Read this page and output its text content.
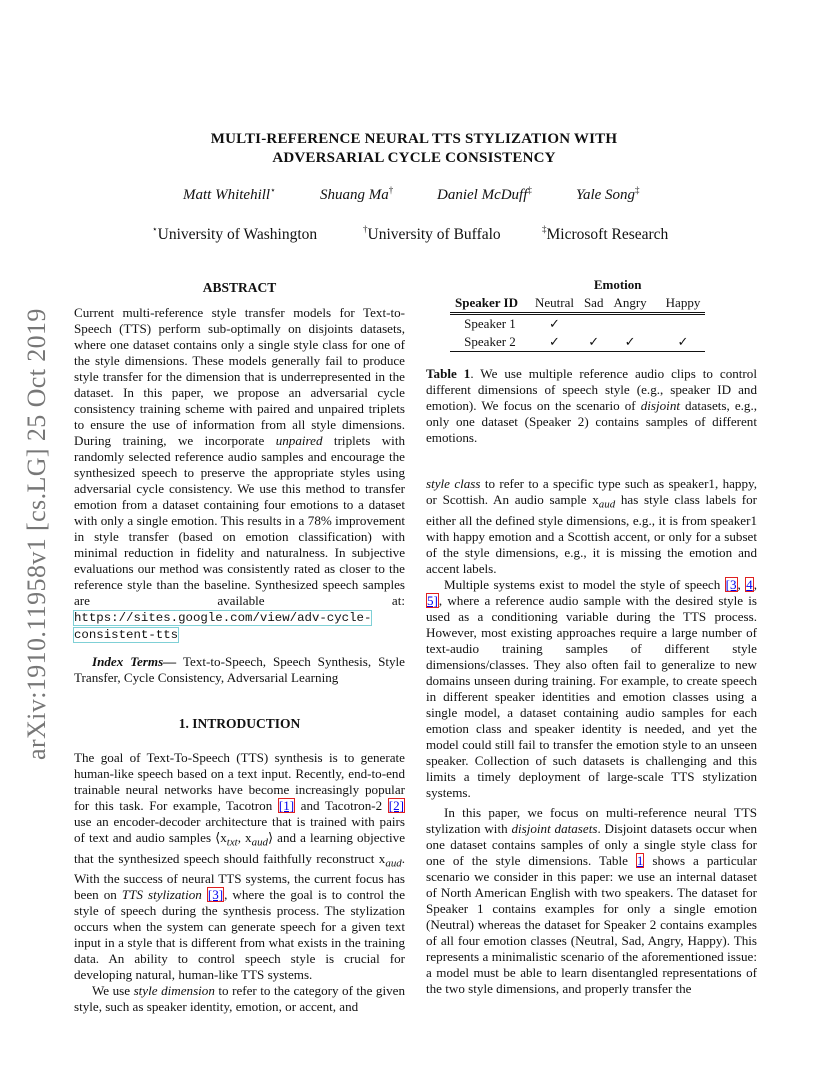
MULTI-REFERENCE NEURAL TTS STYLIZATION WITH
ADVERSARIAL CYCLE CONSISTENCY
Matt Whitehill⋆	Shuang Ma†	Daniel McDuff‡	Yale Song‡
⋆University of Washington	†University of Buffalo	‡Microsoft Research
arXiv:1910.11958v1 [cs.LG] 25 Oct 2019

ABSTRACT

Current multi-reference style transfer models for Text-to-Speech (TTS) perform sub-optimally on disjoints datasets, where one dataset contains only a single style class for one of the style dimensions. These models generally fail to produce style transfer for the dimension that is underrepresented in the dataset. In this paper, we propose an adversarial cycle consistency training scheme with paired and unpaired triplets to ensure the use of information from all style dimensions. During training, we incorporate unpaired triplets with randomly selected reference audio samples and encourage the synthesized speech to preserve the appropriate styles using adversarial cycle consistency. We use this method to transfer emotion from a dataset containing four emotions to a dataset with only a single emotion. This results in a 78% improvement in style transfer (based on emotion classification) with minimal reduction in fidelity and naturalness. In subjective evaluations our method was consistently rated as closer to the reference style than the baseline. Synthesized speech samples are available at: https://sites.google.com/view/adv-cycle-consistent-tts

Index Terms— Text-to-Speech, Speech Synthesis, Style Transfer, Cycle Consistency, Adversarial Learning

1. INTRODUCTION

The goal of Text-To-Speech (TTS) synthesis is to generate human-like speech based on a text input. Recently, end-to-end trainable neural networks have become increasingly popular for this task. For example, Tacotron [1] and Tacotron-2 [2] use an encoder-decoder architecture that is trained with pairs of text and audio samples $⟨x_{txt}$, $x_{aud}⟩$ and a learning objective that the synthesized speech should faithfully reconstruct $x_{aud}$. With the success of neural TTS systems, the current focus has been on TTS stylization [3], where the goal is to control the style of speech during the synthesis process. The stylization occurs when the system can generate speech for a given text input in a style that is different from what exists in the training data. An ability to control speech style is crucial for developing natural, human-like TTS systems.

We use style dimension to refer to the category of the given style, such as speaker identity, emotion, or accent, and

	Emotion			
Speaker ID	Neutral	Sad	Angry	Happy
Speaker 1	✓			
Speaker 2	✓	✓	✓	✓

Table 1. We use multiple reference audio clips to control different dimensions of speech style (e.g., speaker ID and emotion). We focus on the scenario of disjoint datasets, e.g., only one dataset (Speaker 2) contains samples of different emotions.

style class to refer to a specific type such as speaker1, happy, or Scottish. An audio sample $x_{aud}$ has style class labels for either all the defined style dimensions, e.g., it is from speaker1 with happy emotion and a Scottish accent, or only for a subset of the style dimensions, e.g., it is missing the emotion and accent labels.

Multiple systems exist to model the style of speech [3, 4, 5], where a reference audio sample with the desired style is used as a conditioning variable during the TTS process. However, most existing approaches require a large number of text-audio training samples of different style dimensions/classes. They also often fail to generalize to new domains unseen during training. For example, to create speech in different speaker identities and emotion classes using a single model, a dataset containing audio samples for each emotion class and speaker identity is needed, and yet the model could still fail to transfer the emotion style to an unseen speaker. Collection of such datasets is challenging and this limits a timely deployment of large-scale TTS stylization systems.

In this paper, we focus on multi-reference neural TTS stylization with disjoint datasets. Disjoint datasets occur when one dataset contains samples of only a single style class for one of the style dimensions. Table 1 shows a particular scenario we consider in this paper: we use an internal dataset of North American English with two speakers. The dataset for Speaker 1 contains examples for only a single emotion (Neutral) whereas the dataset for Speaker 2 contains examples of all four emotion classes (Neutral, Sad, Angry, Happy). This represents a minimalistic scenario of the aforementioned issue: a model must be able to learn disentangled representations of the two style dimensions, and properly transfer the
